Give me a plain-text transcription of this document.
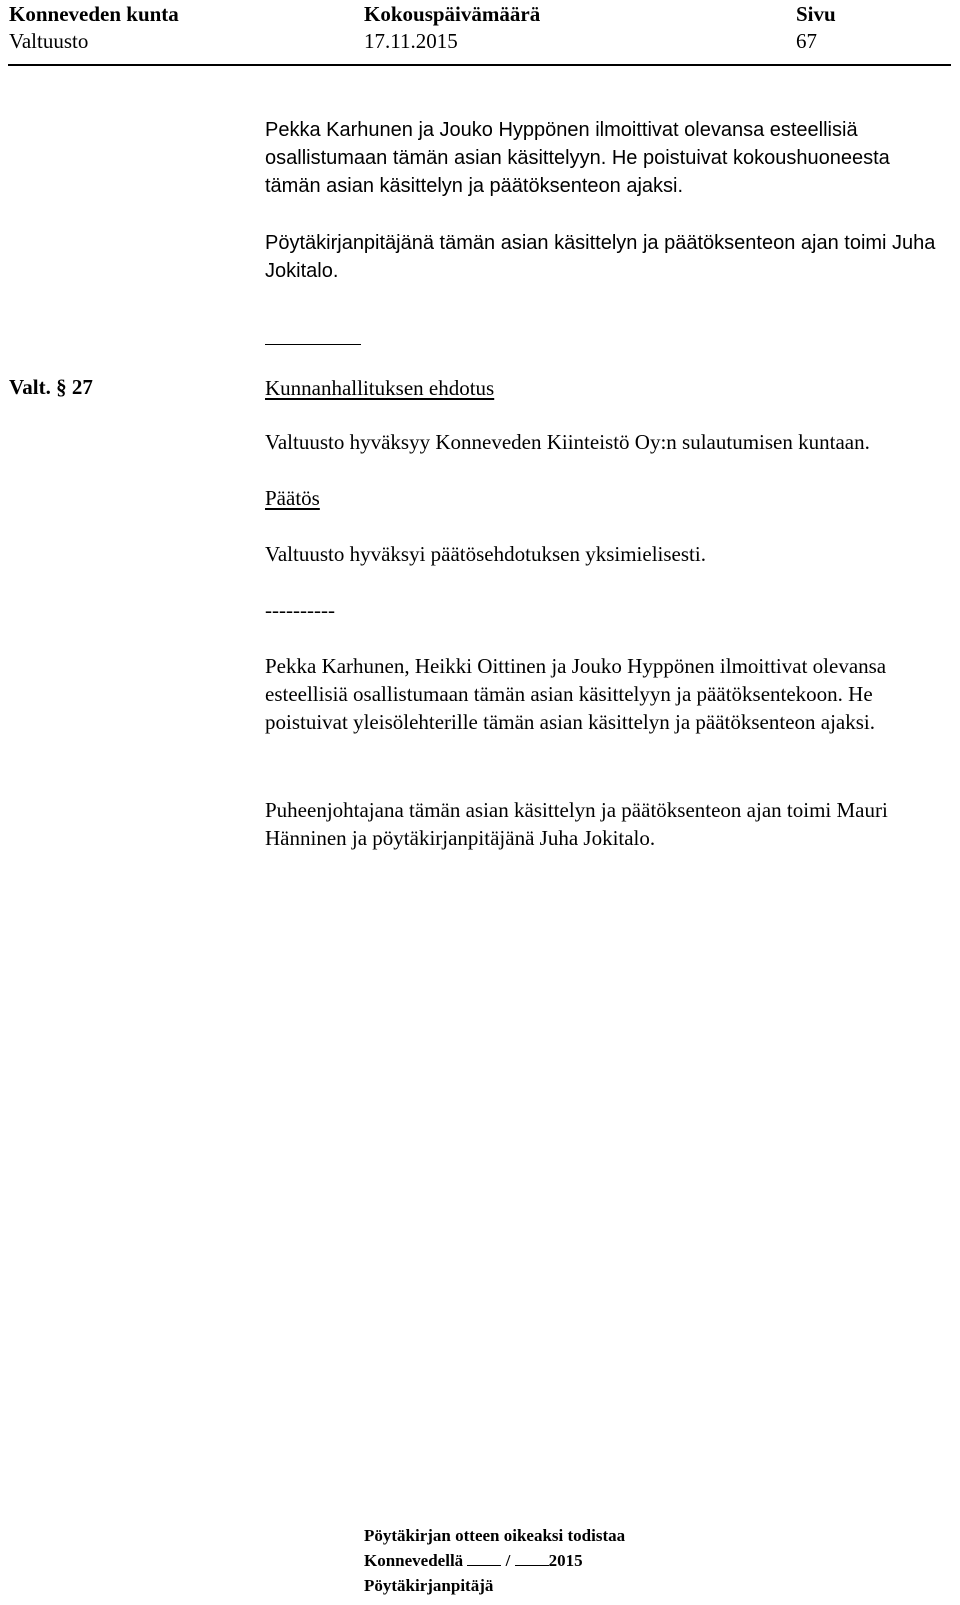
Konneveden kunta
Valtuusto
Kokouspäivämäärä
17.11.2015
Sivu
67

Pekka Karhunen ja Jouko Hyppönen ilmoittivat olevansa esteellisiä osallistumaan tämän asian käsittelyyn. He poistuivat kokoushuoneesta tämän asian käsittelyn ja päätöksenteon ajaksi.

Pöytäkirjanpitäjänä tämän asian käsittelyn ja päätöksenteon ajan toimi Juha Jokitalo.

Valt. § 27	Kunnanhallituksen ehdotus

Valtuusto hyväksyy Konneveden Kiinteistö Oy:n sulautumisen kuntaan.

Päätös

Valtuusto hyväksyi päätösehdotuksen yksimielisesti.

----------

Pekka Karhunen, Heikki Oittinen ja Jouko Hyppönen ilmoittivat olevansa esteellisiä osallistumaan tämän asian käsittelyyn ja päätöksentekoon. He poistuivat yleisölehterille tämän asian käsittelyn ja päätöksenteon ajaksi.

Puheenjohtajana tämän asian käsittelyn ja päätöksenteon ajan toimi Mauri Hänninen ja pöytäkirjanpitäjänä Juha Jokitalo.

Pöytäkirjan otteen oikeaksi todistaa
Konnevedellä	/ 2015
Pöytäkirjanpitäjä
